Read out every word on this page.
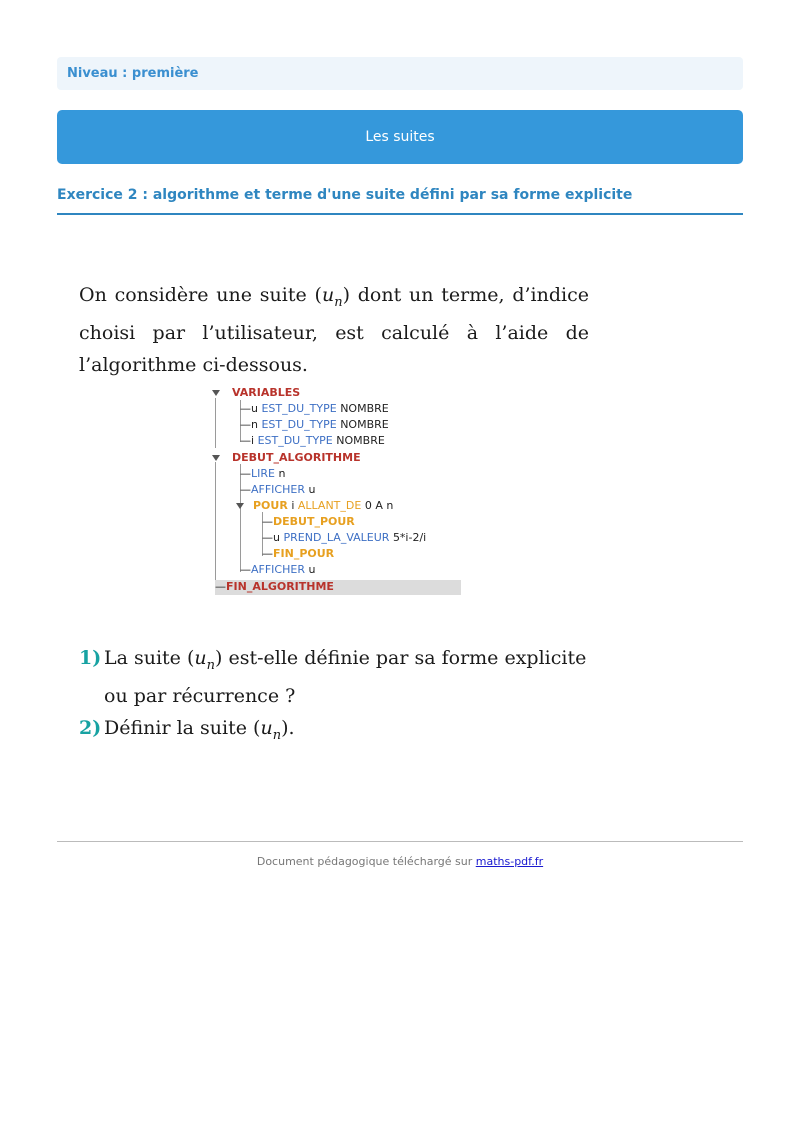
Niveau : première
Les suites
Exercice 2 : algorithme et terme d'une suite défini par sa forme explicite
On considère une suite $(u_n)$ dont un terme, d’indice choisi par l’utilisateur, est calculé à l’aide de l’algorithme ci-dessous.
VARIABLES
—u EST_DU_TYPE NOMBRE
—n EST_DU_TYPE NOMBRE
—i EST_DU_TYPE NOMBRE
DEBUT_ALGORITHME
—LIRE n
—AFFICHER u
POUR i ALLANT_DE 0 A n
—DEBUT_POUR
—u PREND_LA_VALEUR 5*i-2/i
—FIN_POUR
—AFFICHER u
—FIN_ALGORITHME
1) La suite $(u_n)$ est-elle définie par sa forme explicite ou par récurrence ?
2) Définir la suite $(u_n)$.
Document pédagogique téléchargé sur maths-pdf.fr
